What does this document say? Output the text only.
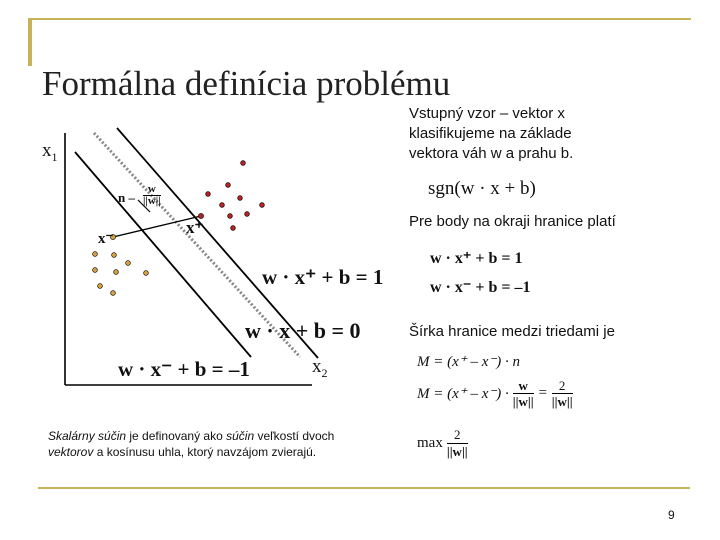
Formálna definícia problému
$x_1$
$x_2$
n –
w
||w||
x⁺
x⁻
w · x⁺ + b = 1
w · x + b = 0
w · x⁻ + b = –1
Vstupný vzor – vektor x
klasifikujeme na základe
vektora váh w a prahu b.
sgn(w · x + b)
Pre body na okraji hranice platí
w · x⁺ + b = 1
w · x⁻ + b = –1
Šírka hranice medzi triedami je
M = (x⁺ – x⁻) · n
$M = (x^+ - x^-) \cdot \frac{w}{||w||} = \frac{2}{||w||}$
max
2
||w||
Skalárny súčin je definovaný ako súčin veľkostí dvoch vektorov a kosínusu uhla, ktorý navzájom zvierajú.
9
